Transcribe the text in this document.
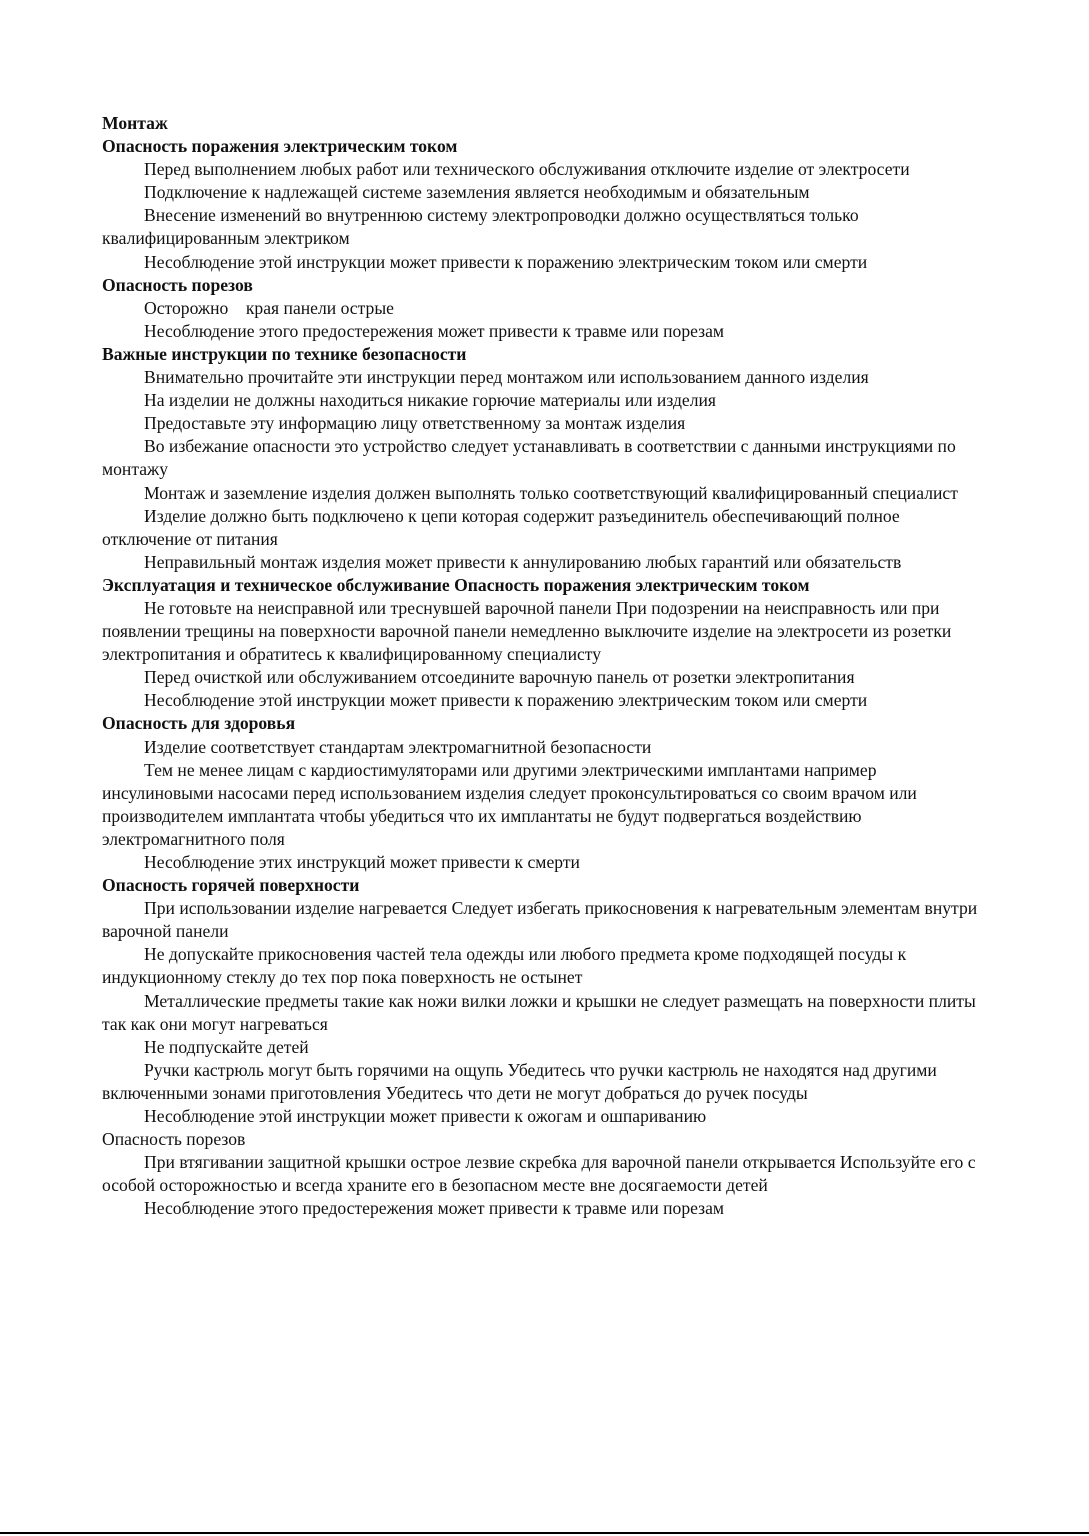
Монтаж

Опасность поражения электрическим током

Перед выполнением любых работ или технического обслуживания отключите изделие от электросети

Подключение к надлежащей системе заземления является необходимым и обязательным

Внесение изменений во внутреннюю систему электропроводки должно осуществляться только квалифицированным электриком

Несоблюдение этой инструкции может привести к поражению электрическим током или смерти

Опасность порезов

Осторожно    края панели острые

Несоблюдение этого предостережения может привести к травме или порезам

Важные инструкции по технике безопасности

Внимательно прочитайте эти инструкции перед монтажом или использованием данного изделия

На изделии не должны находиться никакие горючие материалы или изделия

Предоставьте эту информацию лицу ответственному за монтаж изделия

Во избежание опасности это устройство следует устанавливать в соответствии с данными инструкциями по монтажу

Монтаж и заземление изделия должен выполнять только соответствующий квалифицированный специалист

Изделие должно быть подключено к цепи которая содержит разъединитель обеспечивающий полное отключение от питания

Неправильный монтаж изделия может привести к аннулированию любых гарантий или обязательств

Эксплуатация и техническое обслуживание Опасность поражения электрическим током

Не готовьте на неисправной или треснувшей варочной панели При подозрении на неисправность или при появлении трещины на поверхности варочной панели немедленно выключите изделие на электросети из розетки электропитания и обратитесь к квалифицированному специалисту

Перед очисткой или обслуживанием отсоедините варочную панель от розетки электропитания

Несоблюдение этой инструкции может привести к поражению электрическим током или смерти

Опасность для здоровья

Изделие соответствует стандартам электромагнитной безопасности

Тем не менее лицам с кардиостимуляторами или другими электрическими имплантами например инсулиновыми насосами перед использованием изделия следует проконсультироваться со своим врачом или производителем имплантата чтобы убедиться что их имплантаты не будут подвергаться воздействию электромагнитного поля

Несоблюдение этих инструкций может привести к смерти

Опасность горячей поверхности

При использовании изделие нагревается Следует избегать прикосновения к нагревательным элементам внутри варочной панели

Не допускайте прикосновения частей тела одежды или любого предмета кроме подходящей посуды к индукционному стеклу до тех пор пока поверхность не остынет

Металлические предметы такие как ножи вилки ложки и крышки не следует размещать на поверхности плиты так как они могут нагреваться

Не подпускайте детей

Ручки кастрюль могут быть горячими на ощупь Убедитесь что ручки кастрюль не находятся над другими включенными зонами приготовления Убедитесь что дети не могут добраться до ручек посуды

Несоблюдение этой инструкции может привести к ожогам и ошпариванию

Опасность порезов

При втягивании защитной крышки острое лезвие скребка для варочной панели открывается Используйте его с особой осторожностью и всегда храните его в безопасном месте вне досягаемости детей

Несоблюдение этого предостережения может привести к травме или порезам
